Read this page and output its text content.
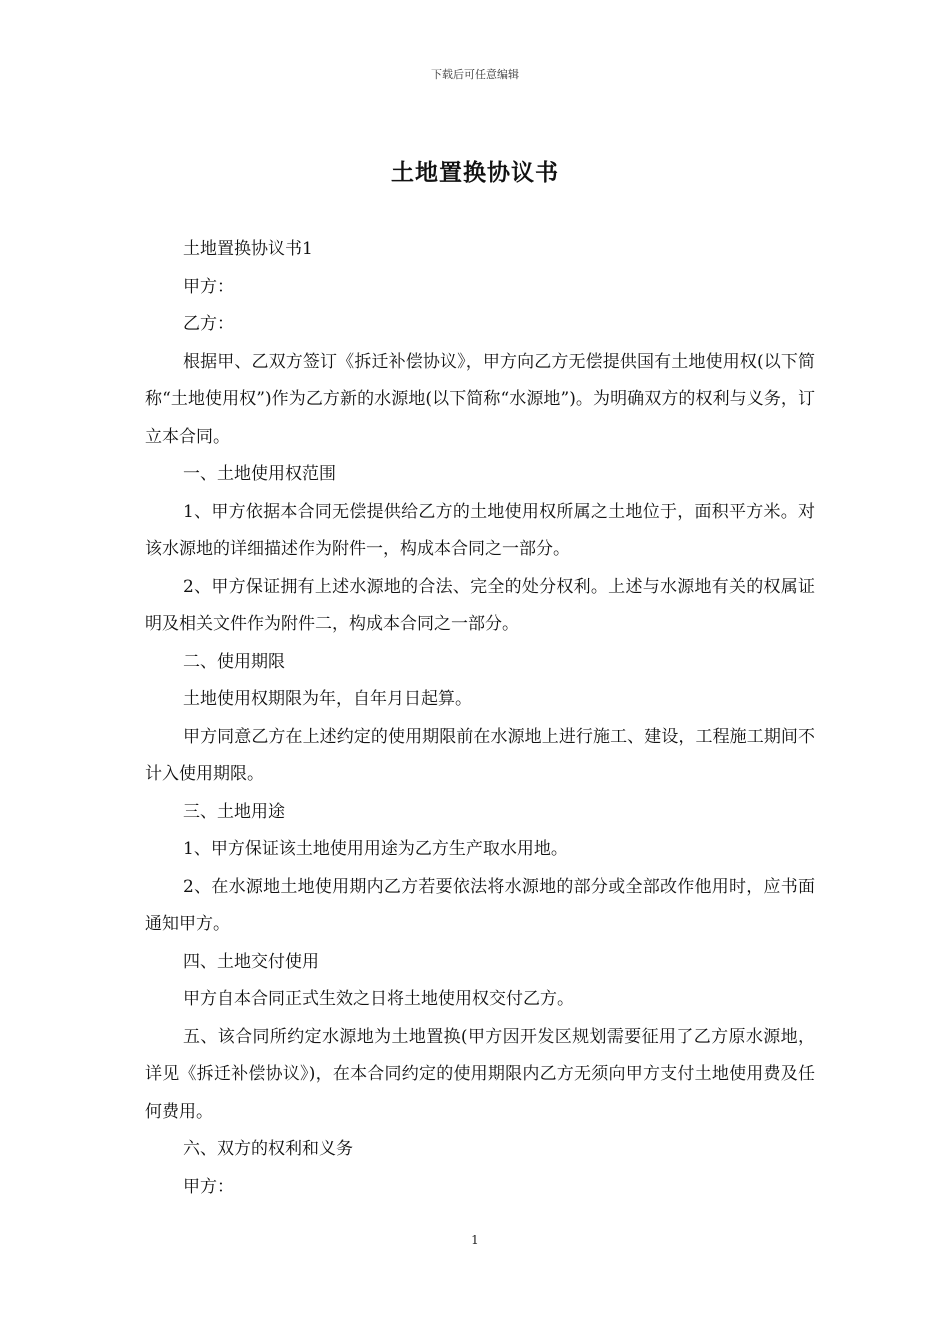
下载后可任意编辑
土地置换协议书

土地置换协议书1

甲方：

乙方：

根据甲、乙双方签订《拆迁补偿协议》，甲方向乙方无偿提供国有土地使用权(以下简称“土地使用权”)作为乙方新的水源地(以下简称“水源地”)。为明确双方的权利与义务，订立本合同。

一、土地使用权范围

1、甲方依据本合同无偿提供给乙方的土地使用权所属之土地位于，面积平方米。对该水源地的详细描述作为附件一，构成本合同之一部分。

2、甲方保证拥有上述水源地的合法、完全的处分权利。上述与水源地有关的权属证明及相关文件作为附件二，构成本合同之一部分。

二、使用期限

土地使用权期限为年，自年月日起算。

甲方同意乙方在上述约定的使用期限前在水源地上进行施工、建设，工程施工期间不计入使用期限。

三、土地用途

1、甲方保证该土地使用用途为乙方生产取水用地。

2、在水源地土地使用期内乙方若要依法将水源地的部分或全部改作他用时，应书面通知甲方。

四、土地交付使用

甲方自本合同正式生效之日将土地使用权交付乙方。

五、该合同所约定水源地为土地置换(甲方因开发区规划需要征用了乙方原水源地，详见《拆迁补偿协议》)，在本合同约定的使用期限内乙方无须向甲方支付土地使用费及任何费用。

六、双方的权利和义务

甲方：

1
